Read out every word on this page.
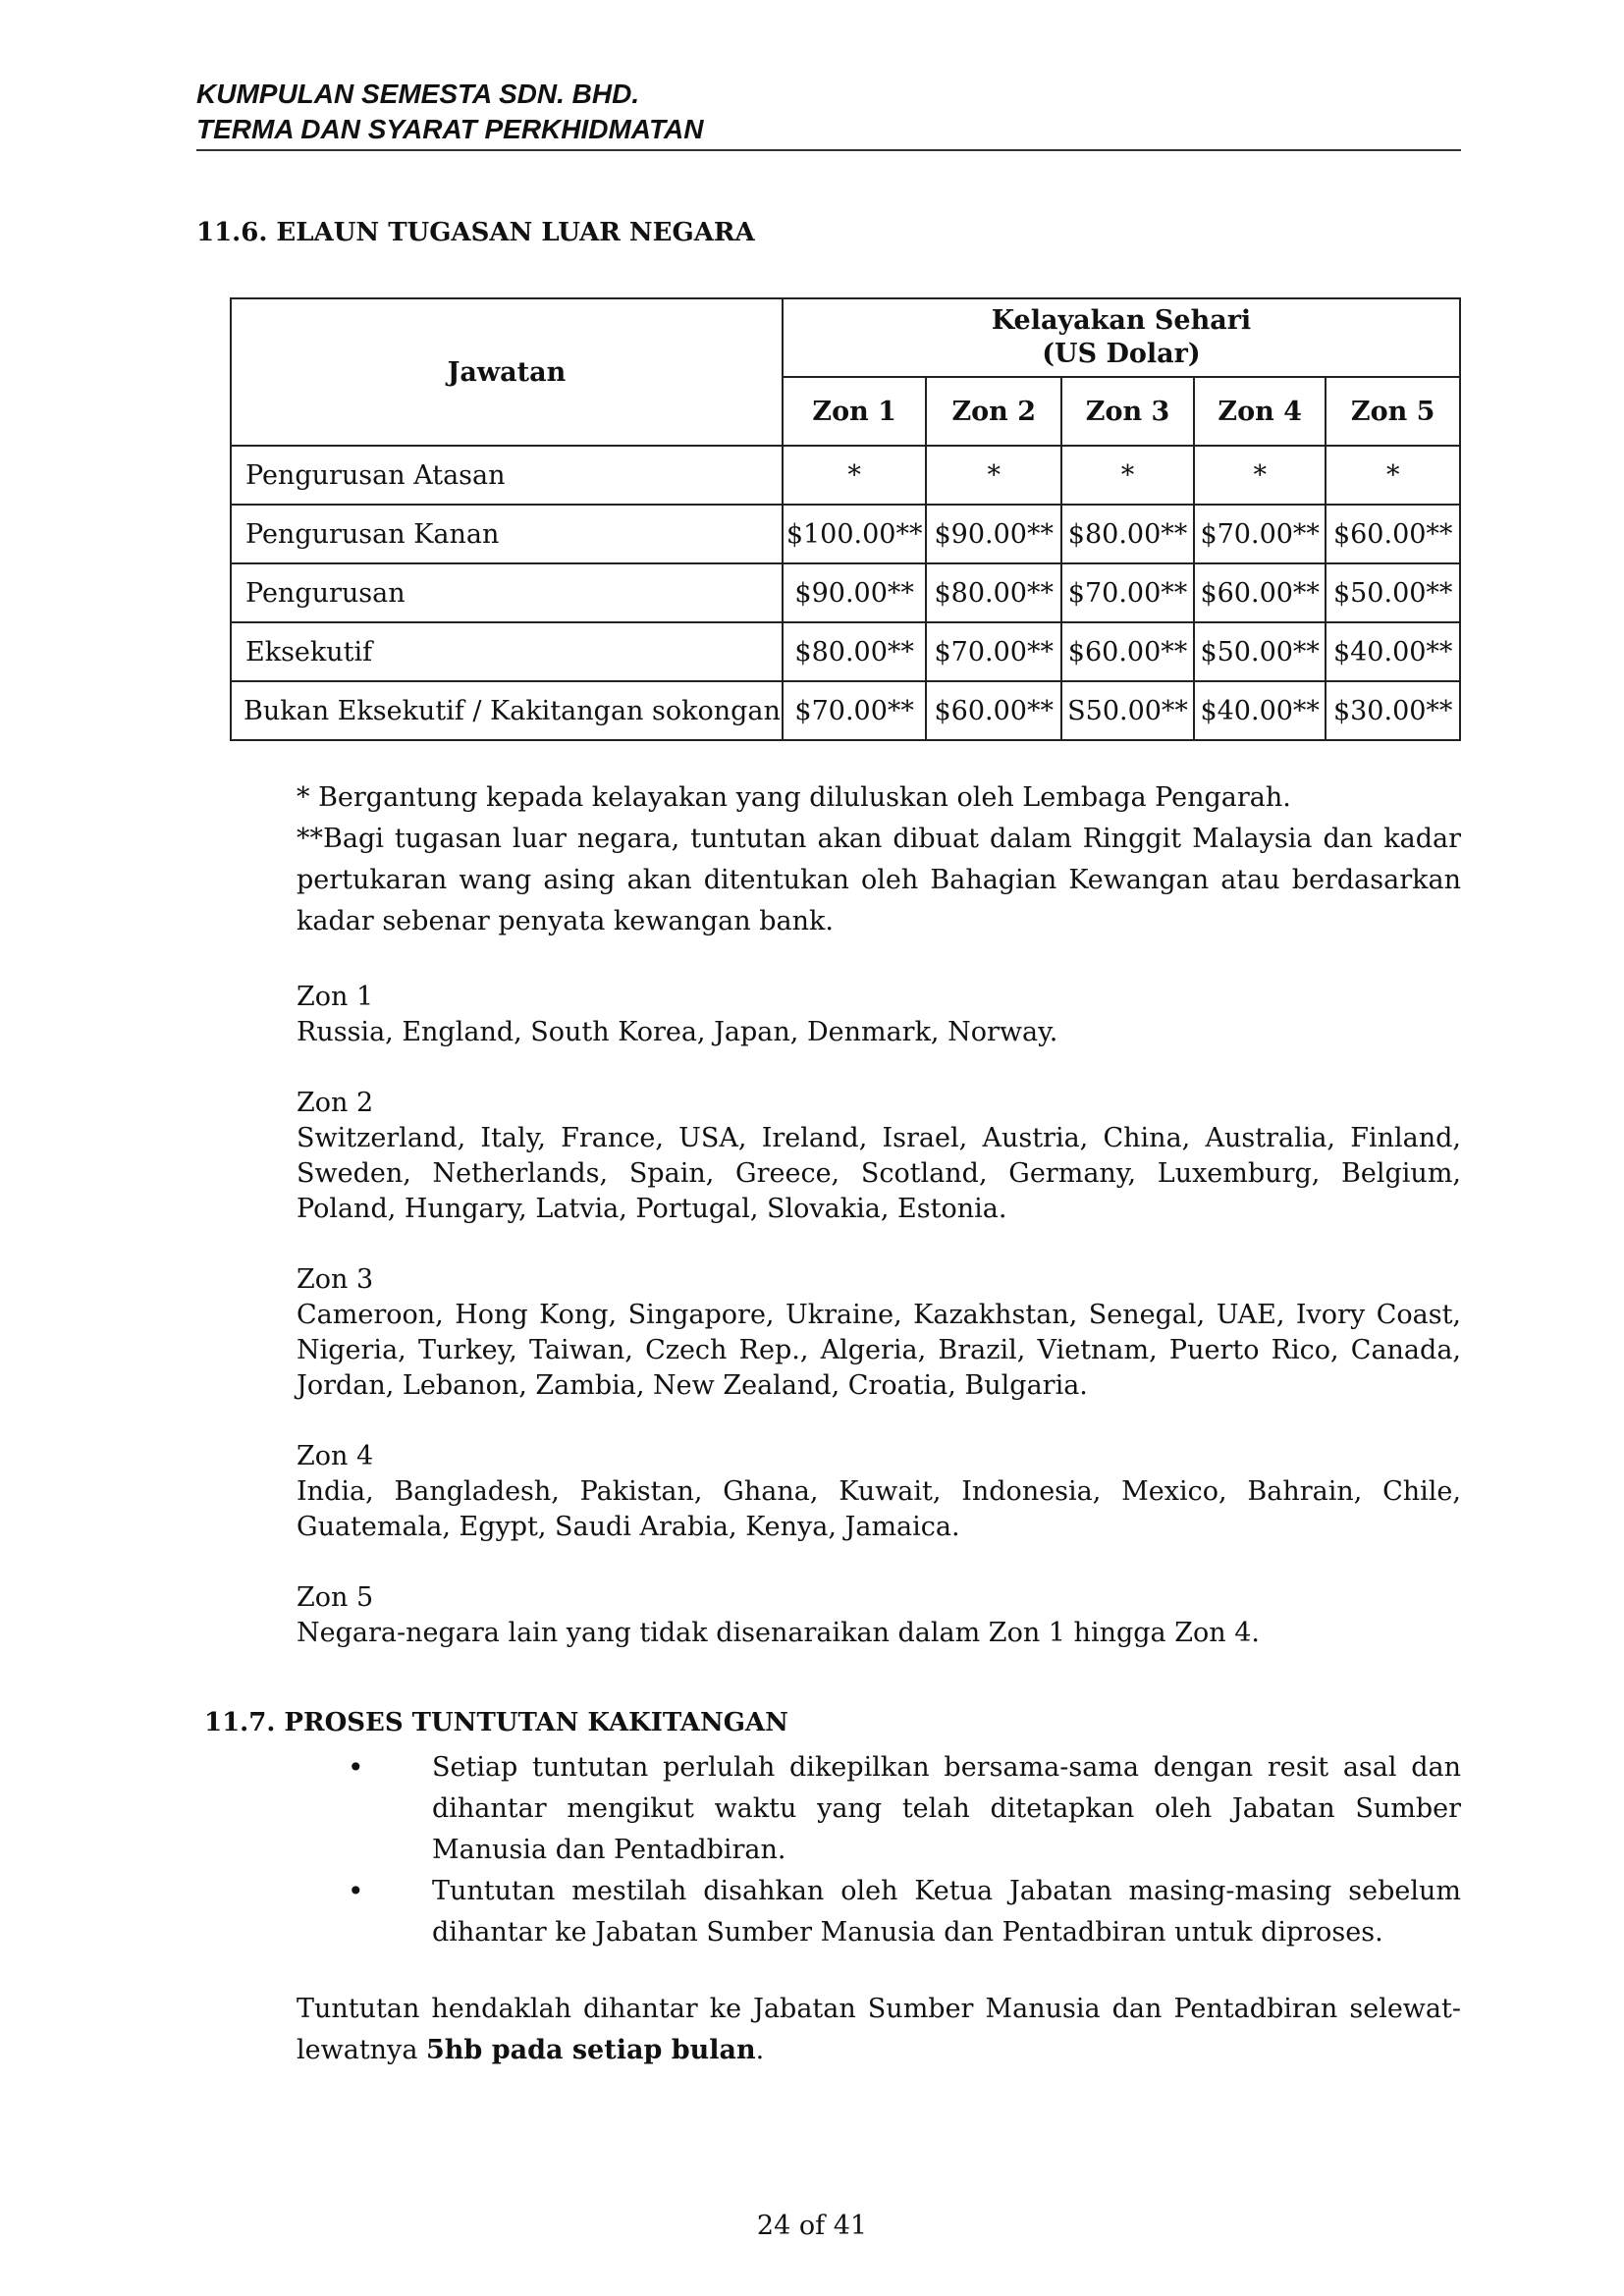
KUMPULAN SEMESTA SDN. BHD.
TERMA DAN SYARAT PERKHIDMATAN
11.6. ELAUN TUGASAN LUAR NEGARA
Jawatan	Kelayakan Sehari
(US Dolar)				

	Zon 1	Zon 2	Zon 3	Zon 4	Zon 5
Pengurusan Atasan	*	*	*	*	*
Pengurusan Kanan	$100.00**	$90.00**	$80.00**	$70.00**	$60.00**
Pengurusan	$90.00**	$80.00**	$70.00**	$60.00**	$50.00**
Eksekutif	$80.00**	$70.00**	$60.00**	$50.00**	$40.00**
Bukan Eksekutif / Kakitangan sokongan	$70.00**	$60.00**	S50.00**	$40.00**	$30.00**

* Bergantung kepada kelayakan yang diluluskan oleh Lembaga Pengarah.

**Bagi tugasan luar negara, tuntutan akan dibuat dalam Ringgit Malaysia dan kadar pertukaran wang asing akan ditentukan oleh Bahagian Kewangan atau berdasarkan kadar sebenar penyata kewangan bank.

Zon 1

Russia, England, South Korea, Japan, Denmark, Norway.

Zon 2

Switzerland, Italy, France, USA, Ireland, Israel, Austria, China, Australia, Finland, Sweden, Netherlands, Spain, Greece, Scotland, Germany, Luxemburg, Belgium, Poland, Hungary, Latvia, Portugal, Slovakia, Estonia.

Zon 3

Cameroon, Hong Kong, Singapore, Ukraine, Kazakhstan, Senegal, UAE, Ivory Coast, Nigeria, Turkey, Taiwan, Czech Rep., Algeria, Brazil, Vietnam, Puerto Rico, Canada, Jordan, Lebanon, Zambia, New Zealand, Croatia, Bulgaria.

Zon 4

India, Bangladesh, Pakistan, Ghana, Kuwait, Indonesia, Mexico, Bahrain, Chile, Guatemala, Egypt, Saudi Arabia, Kenya, Jamaica.

Zon 5

Negara-negara lain yang tidak disenaraikan dalam Zon 1 hingga Zon 4.

11.7. PROSES TUNTUTAN KAKITANGAN
•	Setiap tuntutan perlulah dikepilkan bersama-sama dengan resit asal dan dihantar mengikut waktu yang telah ditetapkan oleh Jabatan Sumber Manusia dan Pentadbiran.
•	Tuntutan mestilah disahkan oleh Ketua Jabatan masing-masing sebelum dihantar ke Jabatan Sumber Manusia dan Pentadbiran untuk diproses.
Tuntutan hendaklah dihantar ke Jabatan Sumber Manusia dan Pentadbiran selewat-lewatnya 5hb pada setiap bulan.
24 of 41
